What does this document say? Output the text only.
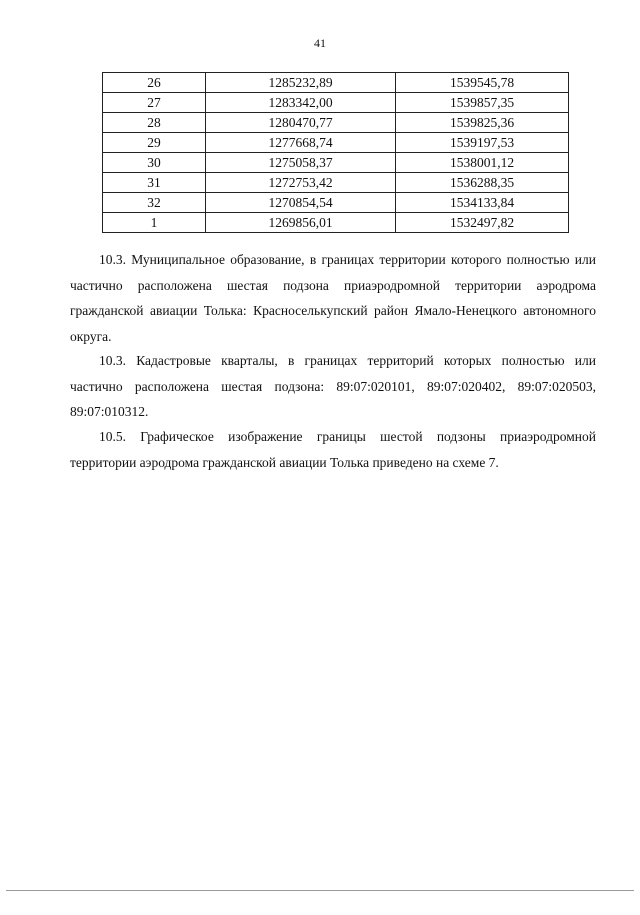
41
26	1285232,89	1539545,78
27	1283342,00	1539857,35
28	1280470,77	1539825,36
29	1277668,74	1539197,53
30	1275058,37	1538001,12
31	1272753,42	1536288,35
32	1270854,54	1534133,84
1	1269856,01	1532497,82

10.3. Муниципальное образование, в границах территории которого полностью или частично расположена шестая подзона приаэродромной территории аэродрома гражданской авиации Толька: Красноселькупский район Ямало-Ненецкого автономного округа.

10.3. Кадастровые кварталы, в границах территорий которых полностью или частично расположена шестая подзона: 89:07:020101, 89:07:020402, 89:07:020503, 89:07:010312.

10.5. Графическое изображение границы шестой подзоны приаэродромной территории аэродрома гражданской авиации Толька приведено на схеме 7.
